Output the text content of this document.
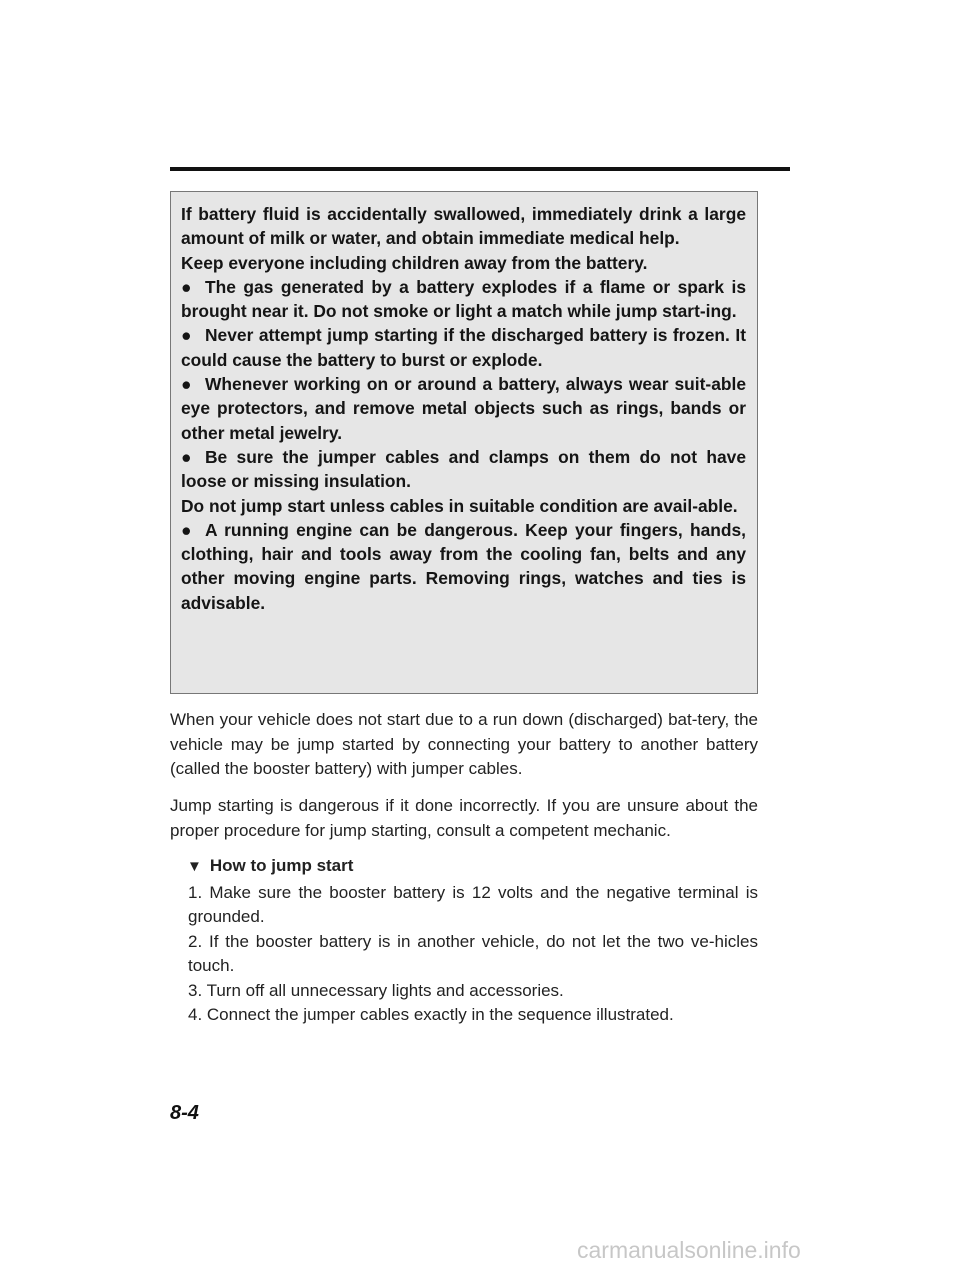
If battery fluid is accidentally swallowed, immediately drink a large amount of milk or water, and obtain immediate medical help.

Keep everyone including children away from the battery.

● The gas generated by a battery explodes if a flame or spark is brought near it. Do not smoke or light a match while jump start-ing.

● Never attempt jump starting if the discharged battery is frozen. It could cause the battery to burst or explode.

● Whenever working on or around a battery, always wear suit-able eye protectors, and remove metal objects such as rings, bands or other metal jewelry.

● Be sure the jumper cables and clamps on them do not have loose or missing insulation.

Do not jump start unless cables in suitable condition are avail-able.

● A running engine can be dangerous. Keep your fingers, hands, clothing, hair and tools away from the cooling fan, belts and any other moving engine parts. Removing rings, watches and ties is advisable.

When your vehicle does not start due to a run down (discharged) bat-tery, the vehicle may be jump started by connecting your battery to another battery (called the booster battery) with jumper cables.

Jump starting is dangerous if it done incorrectly. If you are unsure about the proper procedure for jump starting, consult a competent mechanic.

▼ How to jump start

1. Make sure the booster battery is 12 volts and the negative terminal is grounded.
2. If the booster battery is in another vehicle, do not let the two ve-hicles touch.
3. Turn off all unnecessary lights and accessories.
4. Connect the jumper cables exactly in the sequence illustrated.
8-4
carmanualsonline.info
